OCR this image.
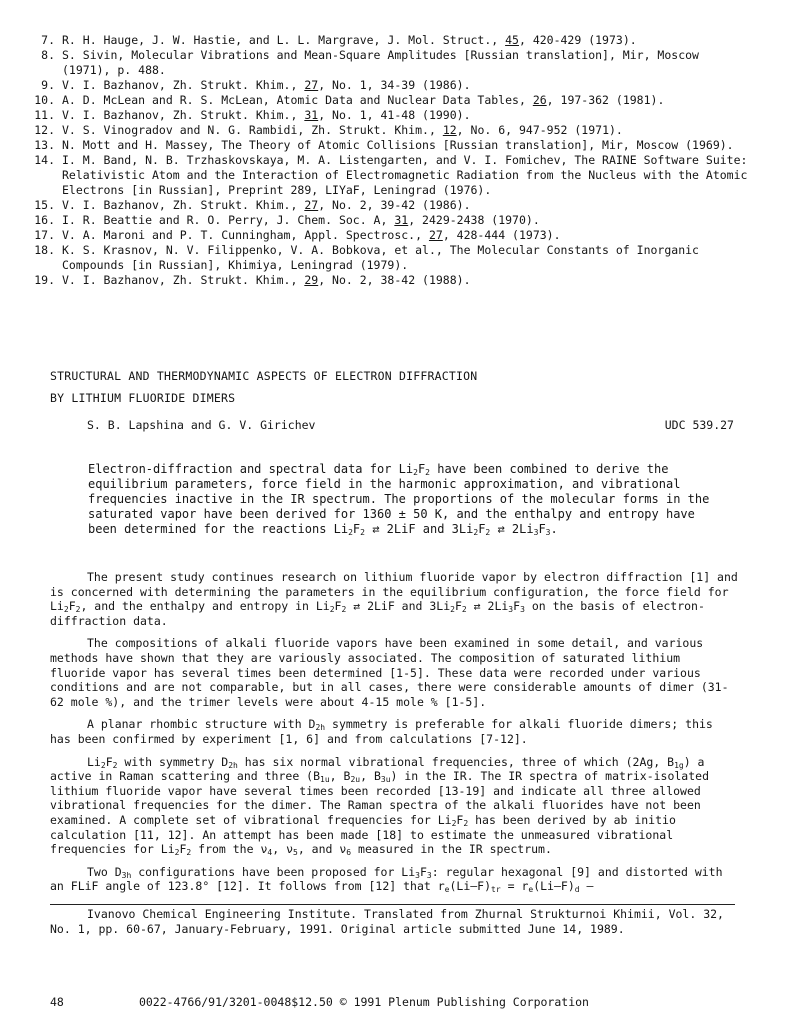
7. R. H. Hauge, J. W. Hastie, and L. L. Margrave, J. Mol. Struct., 45, 420-429 (1973).
8. S. Sivin, Molecular Vibrations and Mean-Square Amplitudes [Russian translation], Mir, Moscow (1971), p. 488.
9. V. I. Bazhanov, Zh. Strukt. Khim., 27, No. 1, 34-39 (1986).
10. A. D. McLean and R. S. McLean, Atomic Data and Nuclear Data Tables, 26, 197-362 (1981).
11. V. I. Bazhanov, Zh. Strukt. Khim., 31, No. 1, 41-48 (1990).
12. V. S. Vinogradov and N. G. Rambidi, Zh. Strukt. Khim., 12, No. 6, 947-952 (1971).
13. N. Mott and H. Massey, The Theory of Atomic Collisions [Russian translation], Mir, Moscow (1969).
14. I. M. Band, N. B. Trzhaskovskaya, M. A. Listengarten, and V. I. Fomichev, The RAINE Software Suite: Relativistic Atom and the Interaction of Electromagnetic Radiation from the Nucleus with the Atomic Electrons [in Russian], Preprint 289, LIYaF, Leningrad (1976).
15. V. I. Bazhanov, Zh. Strukt. Khim., 27, No. 2, 39-42 (1986).
16. I. R. Beattie and R. O. Perry, J. Chem. Soc. A, 31, 2429-2438 (1970).
17. V. A. Maroni and P. T. Cunningham, Appl. Spectrosc., 27, 428-444 (1973).
18. K. S. Krasnov, N. V. Filippenko, V. A. Bobkova, et al., The Molecular Constants of Inorganic Compounds [in Russian], Khimiya, Leningrad (1979).
19. V. I. Bazhanov, Zh. Strukt. Khim., 29, No. 2, 38-42 (1988).
STRUCTURAL AND THERMODYNAMIC ASPECTS OF ELECTRON DIFFRACTION
BY LITHIUM FLUORIDE DIMERS
S. B. Lapshina and G. V. Girichev	UDC 539.27
Electron-diffraction and spectral data for $Li_2F_2$ have been combined to derive the equilibrium parameters, force field in the harmonic approximation, and vibrational frequencies inactive in the IR spectrum. The proportions of the molecular forms in the saturated vapor have been derived for 1360 ± 50 K, and the enthalpy and entropy have been determined for the reactions $Li_2F_2$ ⇄ 2LiF and $3Li_2F_2$ ⇄ $2Li_3F_3$.

The present study continues research on lithium fluoride vapor by electron diffraction [1] and is concerned with determining the parameters in the equilibrium configuration, the force field for $Li_2F_2$, and the enthalpy and entropy in $Li_2F_2$ ⇄ 2LiF and $3Li_2F_2$ ⇄ $2Li_3F_3$ on the basis of electron-diffraction data.

The compositions of alkali fluoride vapors have been examined in some detail, and various methods have shown that they are variously associated. The composition of saturated lithium fluoride vapor has several times been determined [1-5]. These data were recorded under various conditions and are not comparable, but in all cases, there were considerable amounts of dimer (31-62 mole %), and the trimer levels were about 4-15 mole % [1-5].

A planar rhombic structure with $D_{2h}$ symmetry is preferable for alkali fluoride dimers; this has been confirmed by experiment [1, 6] and from calculations [7-12].

$Li_2F_2$ with symmetry $D_{2h}$ has six normal vibrational frequencies, three of which (2Ag, $B_{1g}$) a active in Raman scattering and three ($B_{1u}$, $B_{2u}$, $B_{3u}$) in the IR. The IR spectra of matrix-isolated lithium fluoride vapor have several times been recorded [13-19] and indicate all three allowed vibrational frequencies for the dimer. The Raman spectra of the alkali fluorides have not been examined. A complete set of vibrational frequencies for $Li_2F_2$ has been derived by ab initio calculation [11, 12]. An attempt has been made [18] to estimate the unmeasured vibrational frequencies for $Li_2F_2$ from the $\nu_4$, $\nu_5$, and $\nu_6$ measured in the IR spectrum.

Two $D_{3h}$ configurations have been proposed for $Li_3F_3$: regular hexagonal [9] and distorted with an FLiF angle of 123.8° [12]. It follows from [12] that $r_e(Li-F)_{tr} = r_e(Li-F)_d$ –

Ivanovo Chemical Engineering Institute. Translated from Zhurnal Strukturnoi Khimii, Vol. 32, No. 1, pp. 60-67, January-February, 1991. Original article submitted June 14, 1989.
48	0022-4766/91/3201-0048$12.50 © 1991 Plenum Publishing Corporation
